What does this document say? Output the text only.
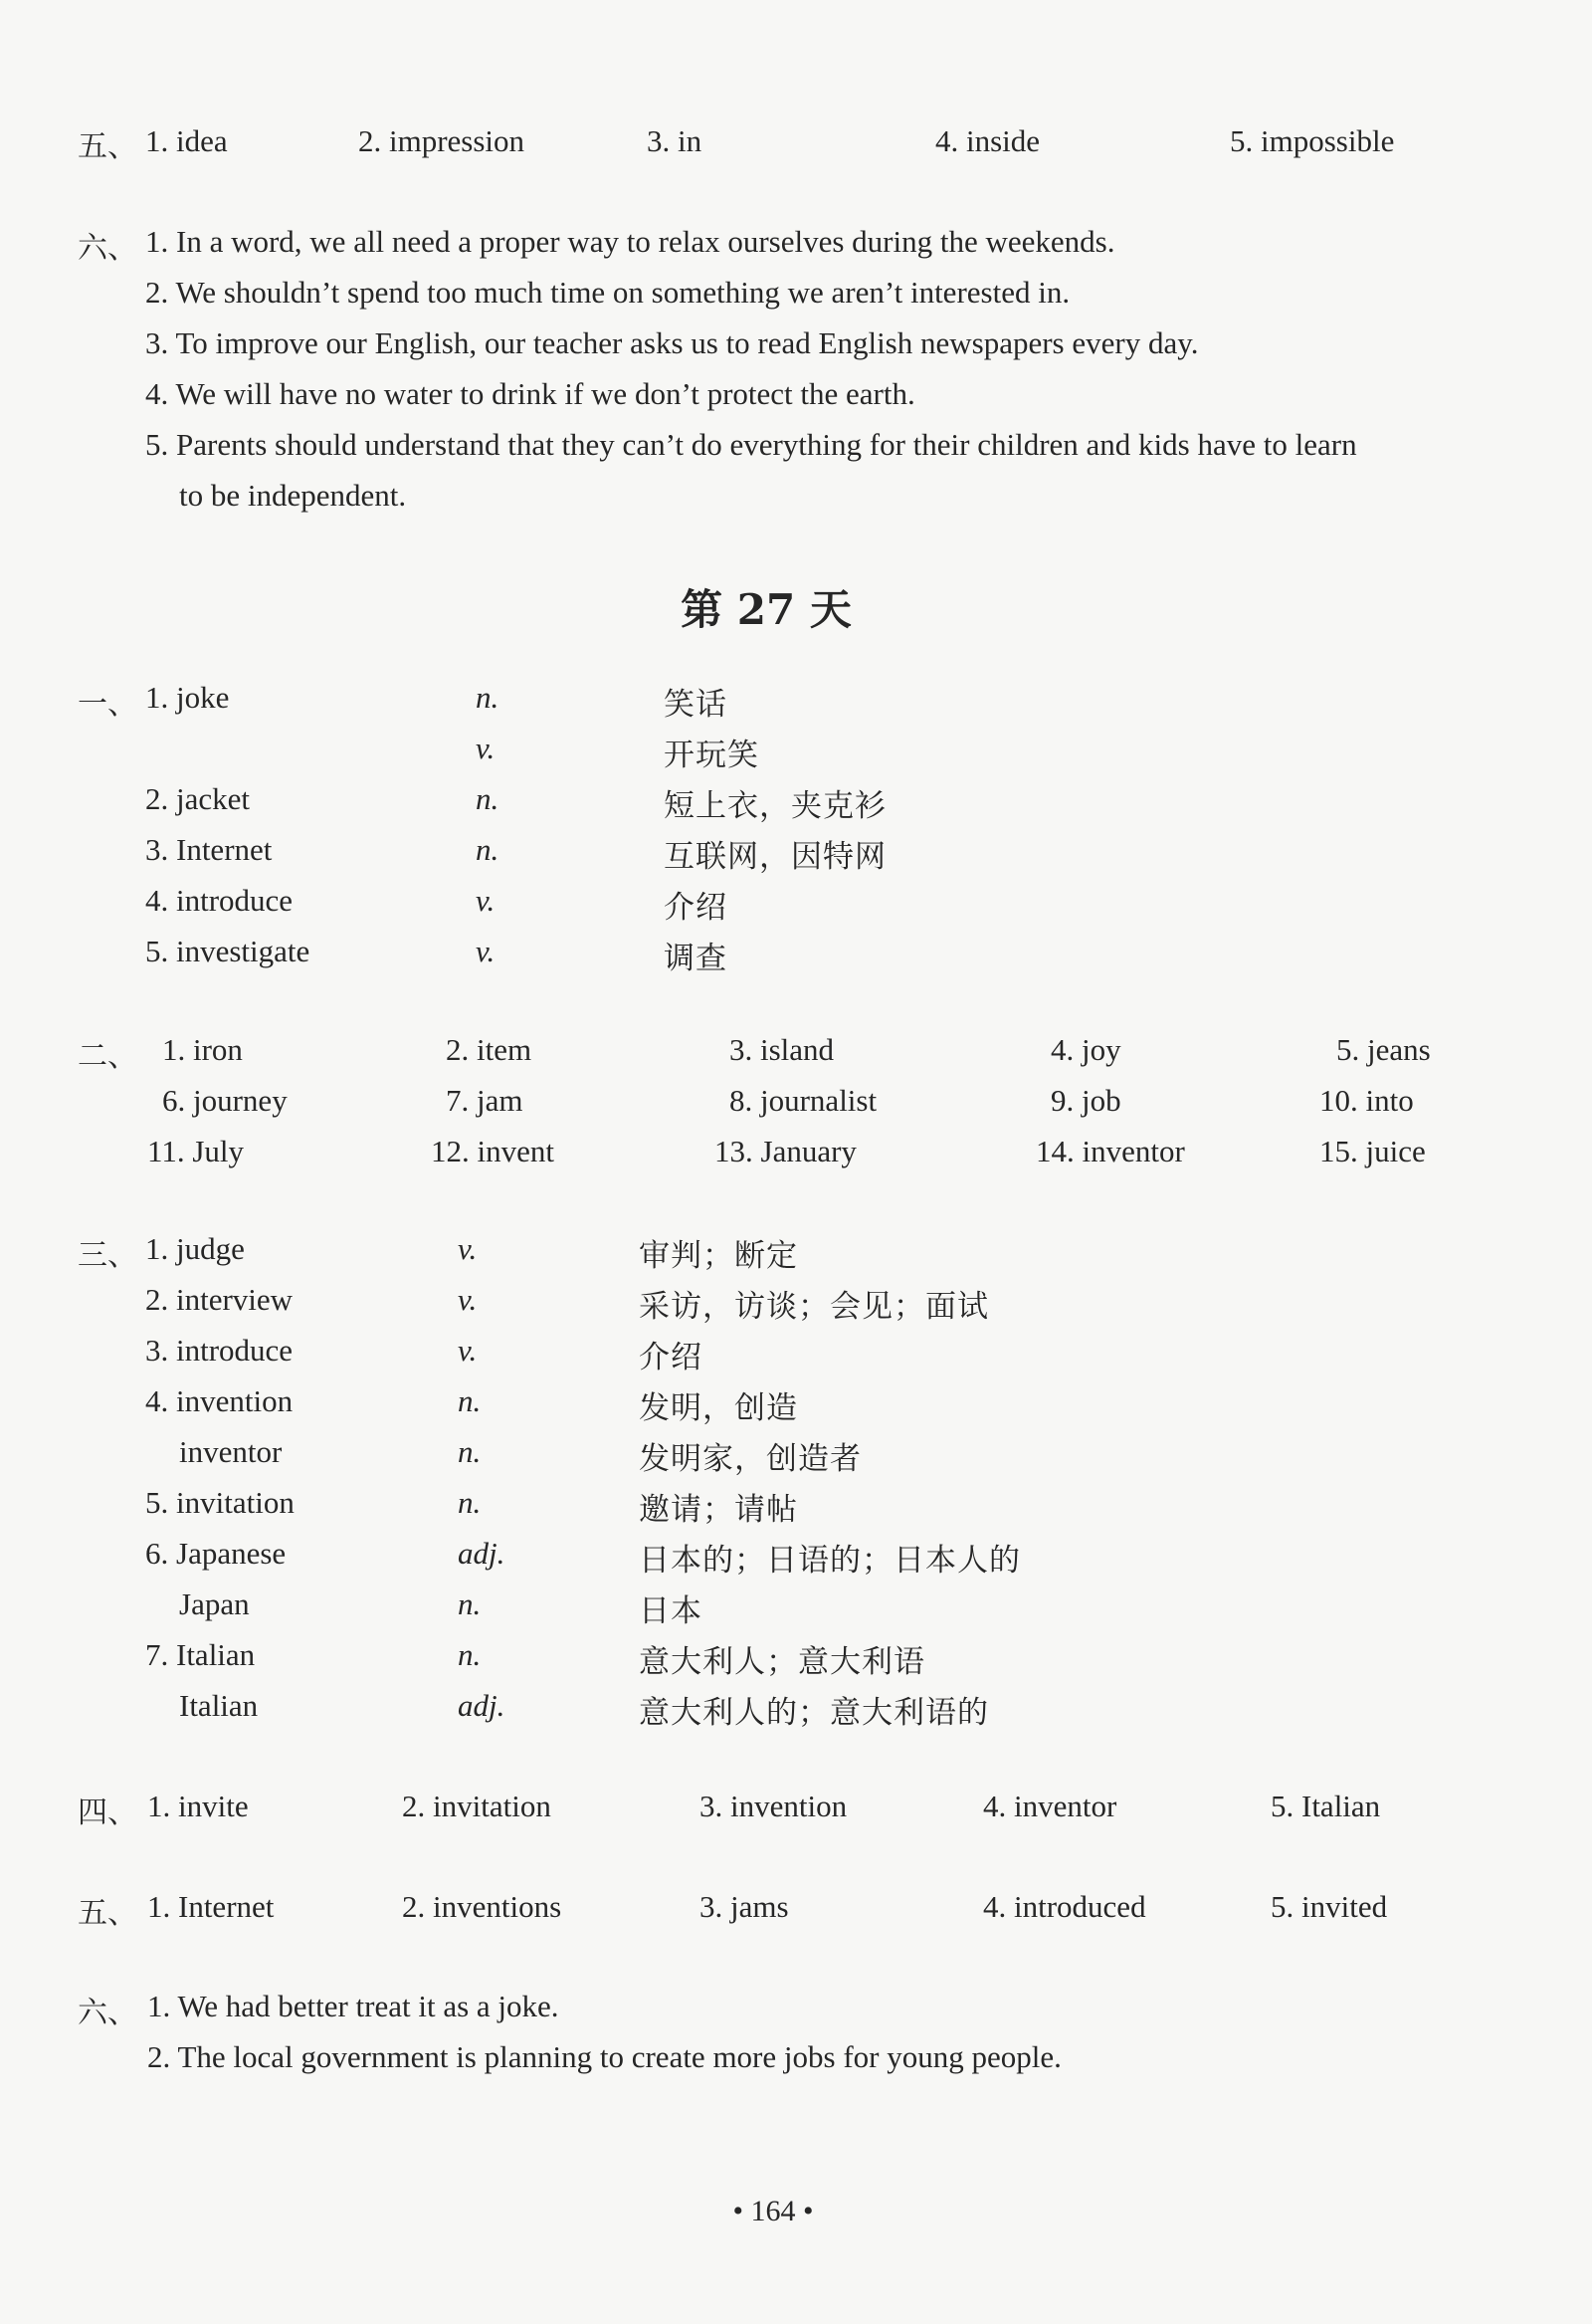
五、 1. idea	2. impression	3. in	4. inside	5. impossible
六、 1. In a word, we all need a proper way to relax ourselves during the weekends.
2. We shouldn’t spend too much time on something we aren’t interested in.
3. To improve our English, our teacher asks us to read English newspapers every day.
4. We will have no water to drink if we don’t protect the earth.
5. Parents should understand that they can’t do everything for their children and kids have to learn
to be independent.
第 27 天
一、 1. joke	n.	笑话
v.	开玩笑
2. jacket	n.	短上衣，夹克衫
3. Internet	n.	互联网，因特网
4. introduce	v.	介绍
5. investigate	v.	调查
二、 1. iron	2. item	3. island	4. joy	5. jeans
6. journey	7. jam	8. journalist	9. job	10. into
11. July	12. invent	13. January	14. inventor	15. juice
三、 1. judge	v.	审判；断定
2. interview	v.	采访，访谈；会见；面试
3. introduce	v.	介绍
4. invention	n.	发明，创造
inventor	n.	发明家，创造者
5. invitation	n.	邀请；请帖
6. Japanese	adj.	日本的；日语的；日本人的
Japan	n.	日本
7. Italian	n.	意大利人；意大利语
Italian	adj.	意大利人的；意大利语的
四、 1. invite	2. invitation	3. invention	4. inventor	5. Italian
五、 1. Internet	2. inventions	3. jams	4. introduced	5. invited
六、 1. We had better treat it as a joke.
2. The local government is planning to create more jobs for young people.
• 164 •
